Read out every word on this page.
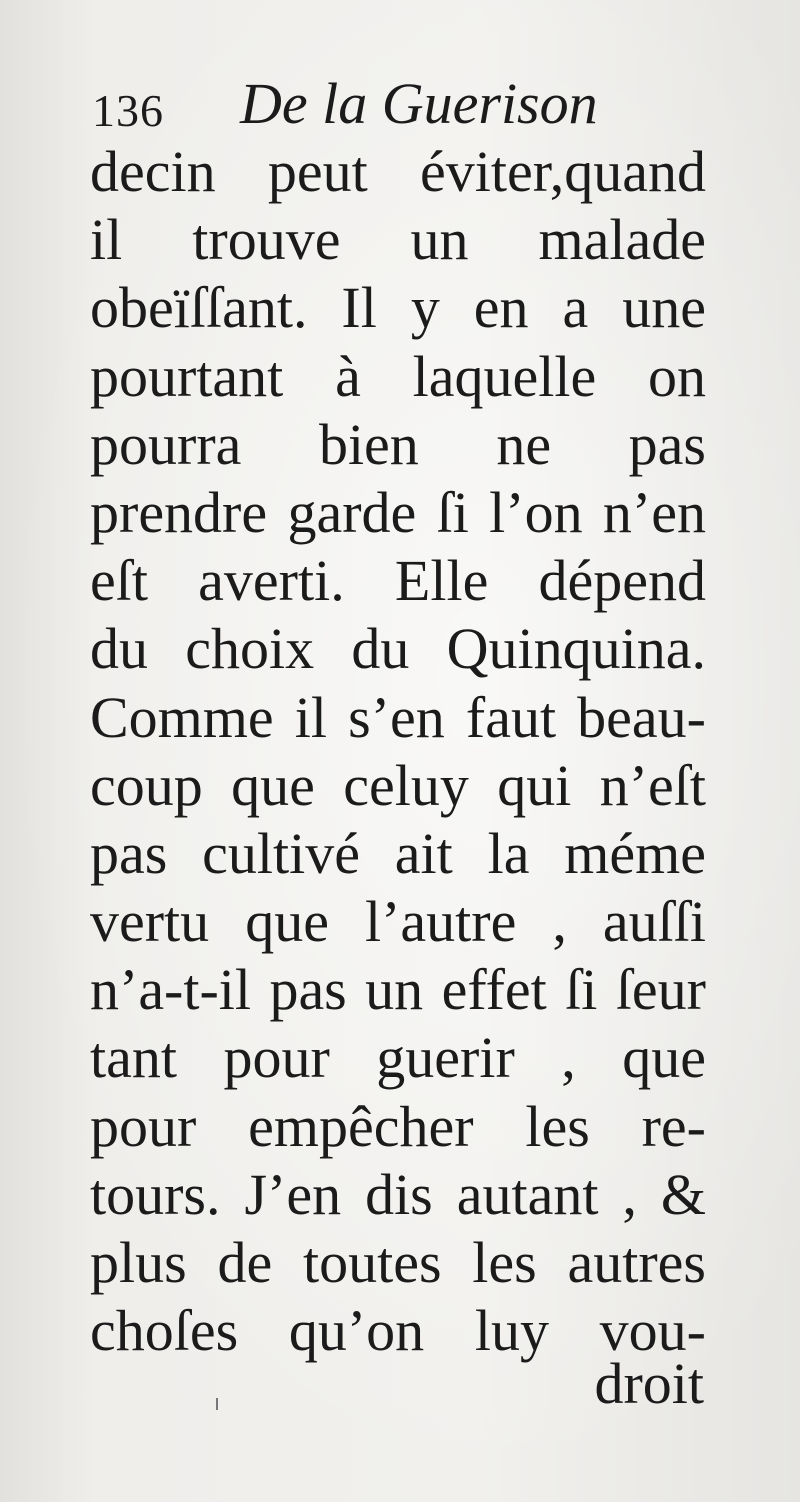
136 De la Guerison
decin peut éviter,quand
il trouve un malade
obeïſſant. Il y en a une
pourtant à laquelle on
pourra bien ne pas
prendre garde ſi l’on n’en
eſt averti. Elle dépend
du choix du Quinquina.
Comme il s’en faut beau-
coup que celuy qui n’eſt
pas cultivé ait la méme
vertu que l’autre , auſſi
n’a-t-il pas un effet ſi ſeur
tant pour guerir , que
pour empêcher les re-
tours. J’en dis autant , &
plus de toutes les autres
choſes qu’on luy vou-
droit
